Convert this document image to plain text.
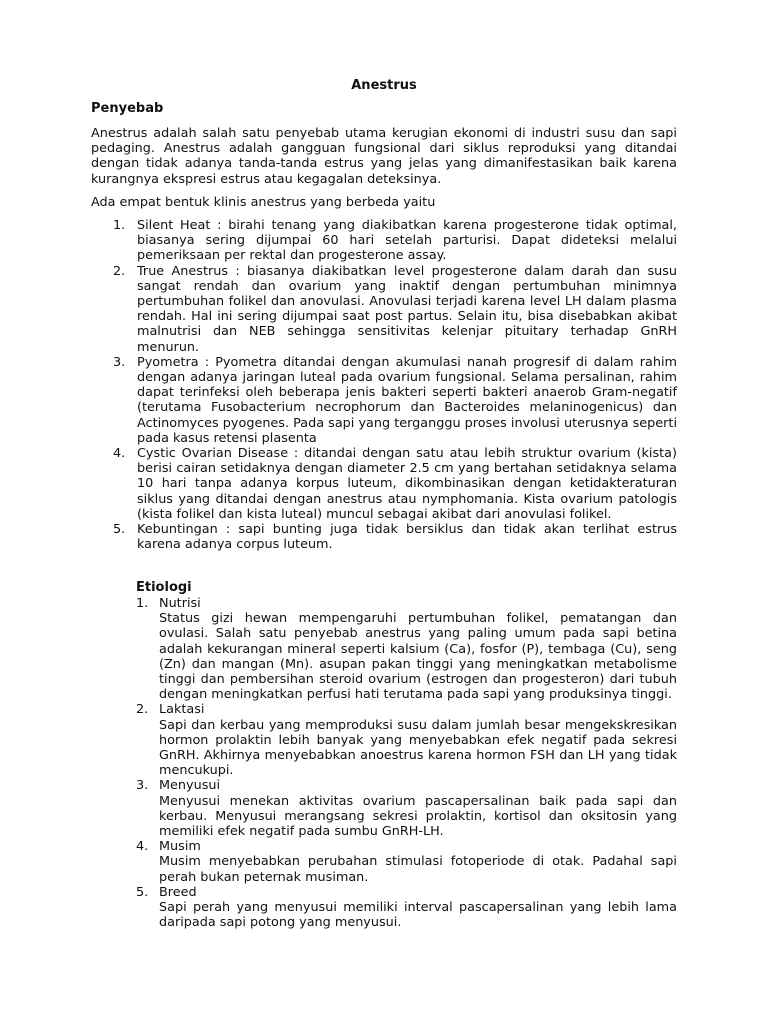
Anestrus
Penyebab

Anestrus adalah salah satu penyebab utama kerugian ekonomi di industri susu dan sapi pedaging. Anestrus adalah gangguan fungsional dari siklus reproduksi yang ditandai dengan tidak adanya tanda-tanda estrus yang jelas yang dimanifestasikan baik karena kurangnya ekspresi estrus atau kegagalan deteksinya.

Ada empat bentuk klinis anestrus yang berbeda yaitu

1. Silent Heat : birahi tenang yang diakibatkan karena progesterone tidak optimal, biasanya sering dijumpai 60 hari setelah parturisi. Dapat dideteksi melalui pemeriksaan per rektal dan progesterone assay.
2. True Anestrus : biasanya diakibatkan level progesterone dalam darah dan susu sangat rendah dan ovarium yang inaktif dengan pertumbuhan minimnya pertumbuhan folikel dan anovulasi. Anovulasi terjadi karena level LH dalam plasma rendah. Hal ini sering dijumpai saat post partus. Selain itu, bisa disebabkan akibat malnutrisi dan NEB sehingga sensitivitas kelenjar pituitary terhadap GnRH menurun.
3. Pyometra : Pyometra ditandai dengan akumulasi nanah progresif di dalam rahim dengan adanya jaringan luteal pada ovarium fungsional. Selama persalinan, rahim dapat terinfeksi oleh beberapa jenis bakteri seperti bakteri anaerob Gram-negatif (terutama Fusobacterium necrophorum dan Bacteroides melaninogenicus) dan Actinomyces pyogenes. Pada sapi yang terganggu proses involusi uterusnya seperti pada kasus retensi plasenta
4. Cystic Ovarian Disease : ditandai dengan satu atau lebih struktur ovarium (kista) berisi cairan setidaknya dengan diameter 2.5 cm yang bertahan setidaknya selama 10 hari tanpa adanya korpus luteum, dikombinasikan dengan ketidakteraturan siklus yang ditandai dengan anestrus atau nymphomania. Kista ovarium patologis (kista folikel dan kista luteal) muncul sebagai akibat dari anovulasi folikel.
5. Kebuntingan : sapi bunting juga tidak bersiklus dan tidak akan terlihat estrus karena adanya corpus luteum.
Etiologi
1. Nutrisi
Status gizi hewan mempengaruhi pertumbuhan folikel, pematangan dan ovulasi. Salah satu penyebab anestrus yang paling umum pada sapi betina adalah kekurangan mineral seperti kalsium (Ca), fosfor (P), tembaga (Cu), seng (Zn) dan mangan (Mn). asupan pakan tinggi yang meningkatkan metabolisme tinggi dan pembersihan steroid ovarium (estrogen dan progesteron) dari tubuh dengan meningkatkan perfusi hati terutama pada sapi yang produksinya tinggi.
2. Laktasi
Sapi dan kerbau yang memproduksi susu dalam jumlah besar mengekskresikan hormon prolaktin lebih banyak yang menyebabkan efek negatif pada sekresi GnRH. Akhirnya menyebabkan anoestrus karena hormon FSH dan LH yang tidak mencukupi.
3. Menyusui
Menyusui menekan aktivitas ovarium pascapersalinan baik pada sapi dan kerbau. Menyusui merangsang sekresi prolaktin, kortisol dan oksitosin yang memiliki efek negatif pada sumbu GnRH-LH.
4. Musim
Musim menyebabkan perubahan stimulasi fotoperiode di otak. Padahal sapi perah bukan peternak musiman.
5. Breed
Sapi perah yang menyusui memiliki interval pascapersalinan yang lebih lama daripada sapi potong yang menyusui.
